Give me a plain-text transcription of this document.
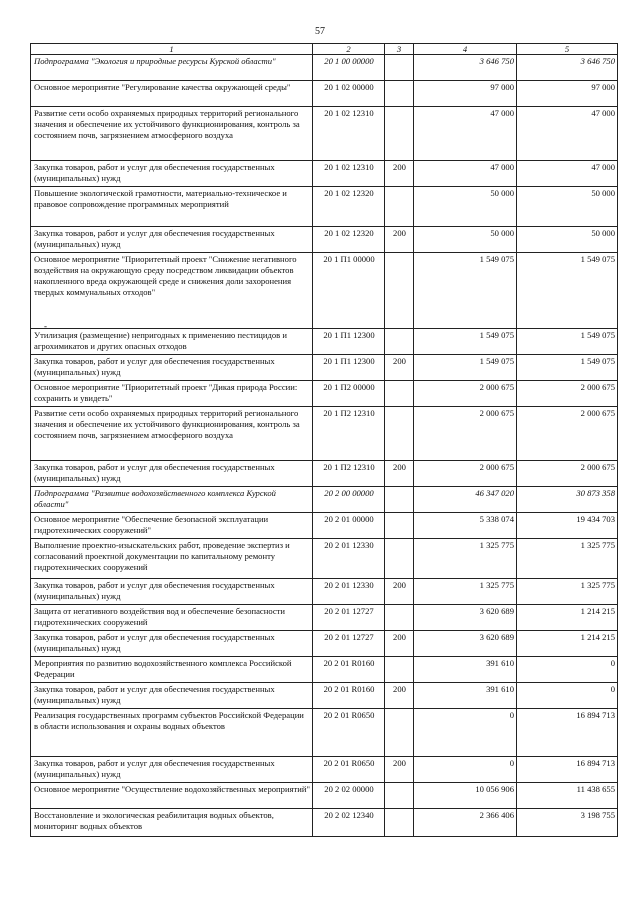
57
-
1	2	3	4	5
Подпрограмма "Экология и природные ресурсы Курской области"	20 1 00 00000		3 646 750	3 646 750
Основное мероприятие "Регулирование качества окружающей среды"	20 1 02 00000		97 000	97 000
Развитие сети особо охраняемых природных территорий регионального значения и обеспечение их устойчивого функционирования, контроль за состоянием почв, загрязнением атмосферного воздуха	20 1 02 12310		47 000	47 000
Закупка товаров, работ и услуг для обеспечения государственных (муниципальных) нужд	20 1 02 12310	200	47 000	47 000
Повышение экологической грамотности, материально-техническое и правовое сопровождение программных мероприятий	20 1 02 12320		50 000	50 000
Закупка товаров, работ и услуг для обеспечения государственных (муниципальных) нужд	20 1 02 12320	200	50 000	50 000
Основное мероприятие "Приоритетный проект "Снижение негативного воздействия на окружающую среду посредством ликвидации объектов накопленного вреда окружающей среде и снижения доли захоронения твердых коммунальных отходов"	20 1 П1 00000		1 549 075	1 549 075
Утилизация (размещение) непригодных к применению пестицидов и агрохимикатов и других опасных отходов	20 1 П1 12300		1 549 075	1 549 075
Закупка товаров, работ и услуг для обеспечения государственных (муниципальных) нужд	20 1 П1 12300	200	1 549 075	1 549 075
Основное мероприятие "Приоритетный проект "Дикая природа России: сохранить и увидеть"	20 1 П2 00000		2 000 675	2 000 675
Развитие сети особо охраняемых природных территорий регионального значения и обеспечение их устойчивого функционирования, контроль за состоянием почв, загрязнением атмосферного воздуха	20 1 П2 12310		2 000 675	2 000 675
Закупка товаров, работ и услуг для обеспечения государственных (муниципальных) нужд	20 1 П2 12310	200	2 000 675	2 000 675
Подпрограмма "Развитие водохозяйственного комплекса Курской области"	20 2 00 00000		46 347 020	30 873 358
Основное мероприятие "Обеспечение безопасной эксплуатации гидротехнических сооружений"	20 2 01 00000		5 338 074	19 434 703
Выполнение проектно-изыскательских работ, проведение экспертиз и согласований проектной документации по капитальному ремонту гидротехнических сооружений	20 2 01 12330		1 325 775	1 325 775
Закупка товаров, работ и услуг для обеспечения государственных (муниципальных) нужд	20 2 01 12330	200	1 325 775	1 325 775
Защита от негативного воздействия вод и обеспечение безопасности гидротехнических сооружений	20 2 01 12727		3 620 689	1 214 215
Закупка товаров, работ и услуг для обеспечения государственных (муниципальных) нужд	20 2 01 12727	200	3 620 689	1 214 215
Мероприятия по развитию водохозяйственного комплекса Российской Федерации	20 2 01 R0160		391 610	0
Закупка товаров, работ и услуг для обеспечения государственных (муниципальных) нужд	20 2 01 R0160	200	391 610	0
Реализация государственных программ субъектов Российской Федерации в области использования и охраны водных объектов	20 2 01 R0650		0	16 894 713
Закупка товаров, работ и услуг для обеспечения государственных (муниципальных) нужд	20 2 01 R0650	200	0	16 894 713
Основное мероприятие "Осуществление водохозяйственных мероприятий"	20 2 02 00000		10 056 906	11 438 655
Восстановление и экологическая реабилитация водных объектов, мониторинг водных объектов	20 2 02 12340		2 366 406	3 198 755
